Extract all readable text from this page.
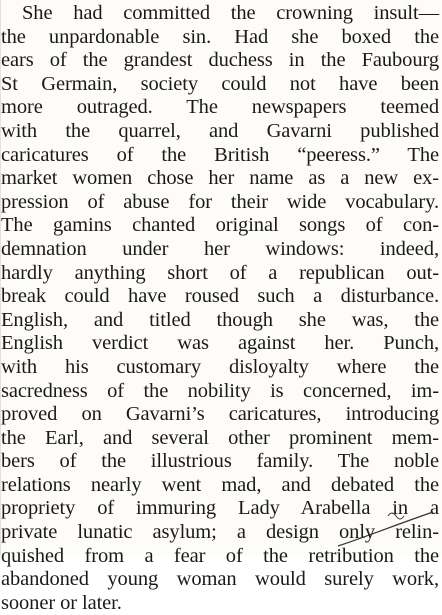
She had committed the crowning insult—
the unpardonable sin. Had she boxed the
ears of the grandest duchess in the Faubourg
St Germain, society could not have been
more outraged. The newspapers teemed
with the quarrel, and Gavarni published
caricatures of the British “peeress.” The
market women chose her name as a new ex-
pression of abuse for their wide vocabulary.
The gamins chanted original songs of con-
demnation under her windows: indeed,
hardly anything short of a republican out-
break could have roused such a disturbance.
English, and titled though she was, the
English verdict was against her. Punch,
with his customary disloyalty where the
sacredness of the nobility is concerned, im-
proved on Gavarni’s caricatures, introducing
the Earl, and several other prominent mem-
bers of the illustrious family. The noble
relations nearly went mad, and debated the
propriety of immuring Lady Arabella in a
private lunatic asylum; a design only relin-
quished from a fear of the retribution the
abandoned young woman would surely work,
sooner or later.
